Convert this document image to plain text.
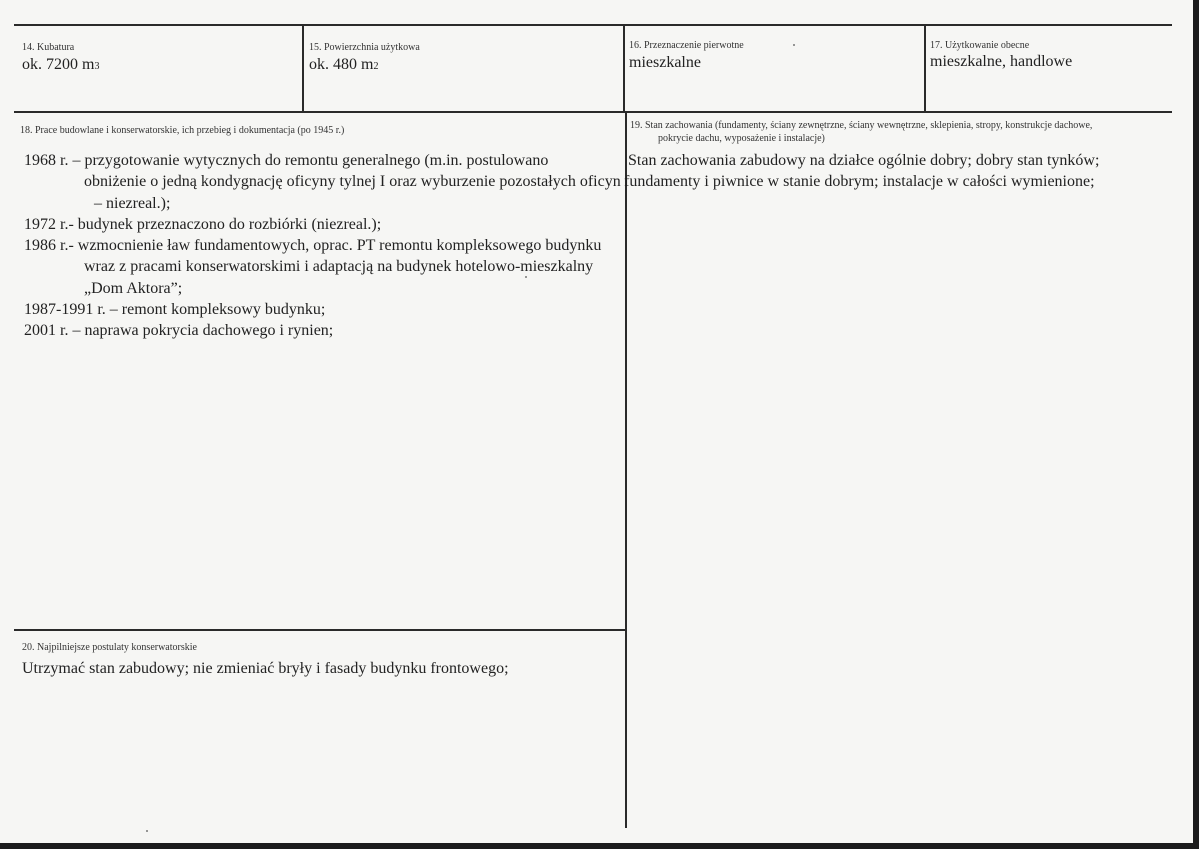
14. Kubatura
ok. 7200 m3
15. Powierzchnia użytkowa
ok. 480 m2
16. Przeznaczenie pierwotne
mieszkalne
17. Użytkowanie obecne
mieszkalne, handlowe
18. Prace budowlane i konserwatorskie, ich przebieg i dokumentacja (po 1945 r.)
1968 r. – przygotowanie wytycznych do remontu generalnego (m.in. postulowano
obniżenie o jedną kondygnację oficyny tylnej I oraz wyburzenie pozostałych oficyn
– niezreal.);
1972 r.- budynek przeznaczono do rozbiórki (niezreal.);
1986 r.- wzmocnienie ław fundamentowych, oprac. PT remontu kompleksowego budynku
wraz z pracami konserwatorskimi i adaptacją na budynek hotelowo-mieszkalny
„Dom Aktora”;
1987-1991 r. – remont kompleksowy budynku;
2001 r. – naprawa pokrycia dachowego i rynien;
19. Stan zachowania (fundamenty, ściany zewnętrzne, ściany wewnętrzne, sklepienia, stropy, konstrukcje dachowe,
pokrycie dachu, wyposażenie i instalacje)
Stan zachowania zabudowy na działce ogólnie dobry; dobry stan tynków;
fundamenty i piwnice w stanie dobrym; instalacje w całości wymienione;
20. Najpilniejsze postulaty konserwatorskie
Utrzymać stan zabudowy; nie zmieniać bryły i fasady budynku frontowego;
